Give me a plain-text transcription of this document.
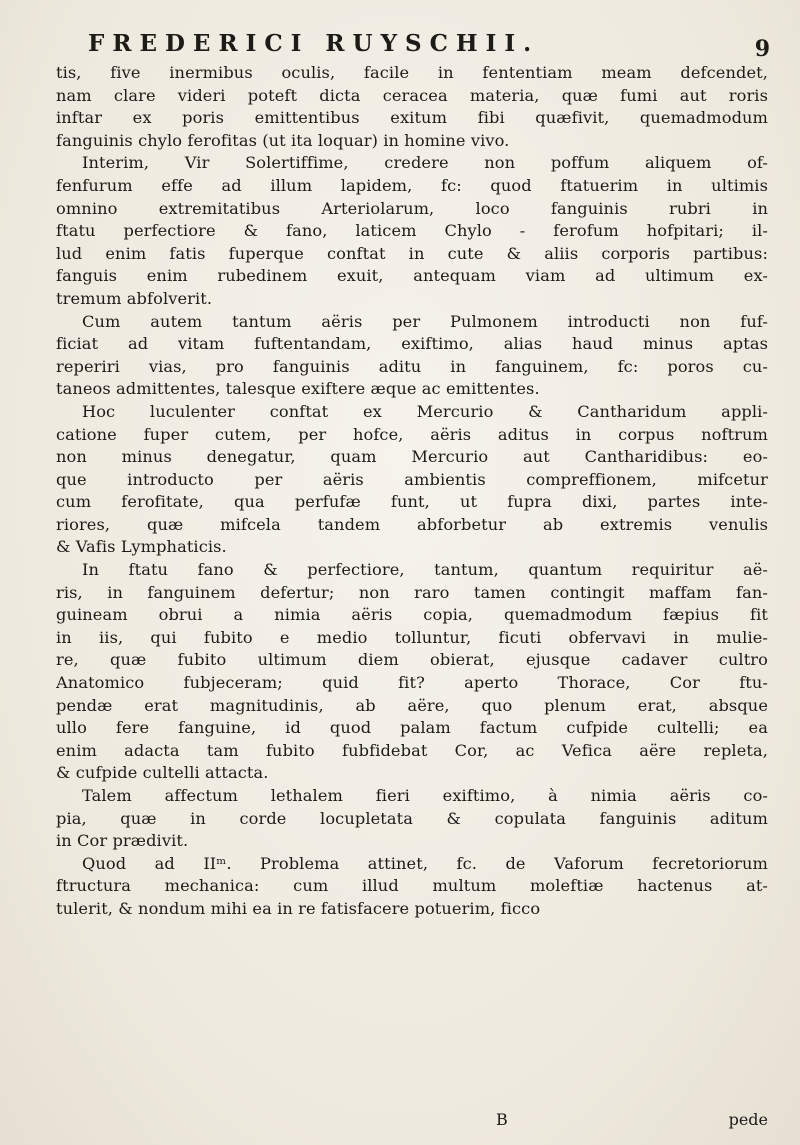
FREDERICI RUYSCHII.	9
tis, five inermibus oculis, facile in fententiam meam defcendet,
nam clare videri poteft dicta ceracea materia, quæ fumi aut roris
inftar ex poris emittentibus exitum fibi quæfivit, quemadmodum
fanguinis chylo ferofitas (ut ita loquar) in homine vivo.
Interim, Vir Solertiffime, credere non poffum aliquem of-
fenfurum effe ad illum lapidem, fc: quod ftatuerim in ultimis
omnino extremitatibus Arteriolarum, loco fanguinis rubri in
ftatu perfectiore & fano, laticem Chylo - ferofum hofpitari; il-
lud enim fatis fuperque conftat in cute & aliis corporis partibus:
fanguis enim rubedinem exuit, antequam viam ad ultimum ex-
tremum abfolverit.
Cum autem tantum aëris per Pulmonem introducti non fuf-
ficiat ad vitam fuftentandam, exiftimo, alias haud minus aptas
reperiri vias, pro fanguinis aditu in fanguinem, fc: poros cu-
taneos admittentes, talesque exiftere æque ac emittentes.
Hoc luculenter conftat ex Mercurio & Cantharidum appli-
catione fuper cutem, per hofce, aëris aditus in corpus noftrum
non minus denegatur, quam Mercurio aut Cantharidibus: eo-
que introducto per aëris ambientis compreffionem, mifcetur
cum ferofitate, qua perfufæ funt, ut fupra dixi, partes inte-
riores, quæ mifcela tandem abforbetur ab extremis venulis
& Vafis Lymphaticis.
In ftatu fano & perfectiore, tantum, quantum requiritur aë-
ris, in fanguinem defertur; non raro tamen contingit maffam fan-
guineam obrui a nimia aëris copia, quemadmodum fæpius fit
in iis, qui fubito e medio tolluntur, ficuti obfervavi in mulie-
re, quæ fubito ultimum diem obierat, ejusque cadaver cultro
Anatomico fubjeceram; quid fit? aperto Thorace, Cor ftu-
pendæ erat magnitudinis, ab aëre, quo plenum erat, absque
ullo fere fanguine, id quod palam factum cufpide cultelli; ea
enim adacta tam fubito fubfidebat Cor, ac Vefica aëre repleta,
& cufpide cultelli attacta.
Talem affectum lethalem fieri exiftimo, à nimia aëris co-
pia, quæ in corde locupletata & copulata fanguinis aditum
in Cor prædivit.
Quod ad IIᵐ. Problema attinet, fc. de Vaforum fecretoriorum
ftructura mechanica: cum illud multum moleftiæ hactenus at-
tulerit, & nondum mihi ea in re fatisfacere potuerim, ficco
B	pede
